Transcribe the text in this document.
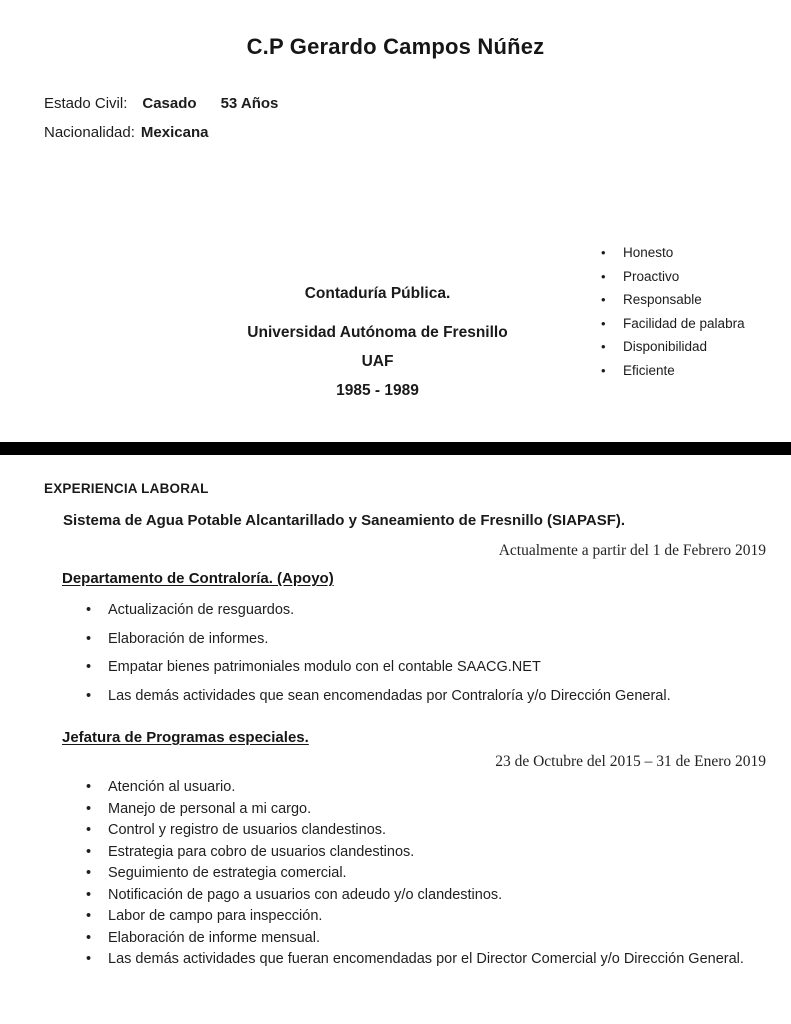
C.P Gerardo Campos Núñez
Estado Civil: Casado 53 Años
Nacionalidad: Mexicana
Contaduría Pública.
Universidad Autónoma de Fresnillo
UAF
1985 - 1989
• Honesto
• Proactivo
• Responsable
• Facilidad de palabra
• Disponibilidad
• Eficiente
EXPERIENCIA LABORAL
Sistema de Agua Potable Alcantarillado y Saneamiento de Fresnillo (SIAPASF).
Actualmente a partir del 1 de Febrero 2019
Departamento de Contraloría. (Apoyo)
• Actualización de resguardos.
• Elaboración de informes.
• Empatar bienes patrimoniales modulo con el contable SAACG.NET
• Las demás actividades que sean encomendadas por Contraloría y/o Dirección General.
Jefatura de Programas especiales.
23 de Octubre del 2015 – 31 de Enero 2019
• Atención al usuario.
• Manejo de personal a mi cargo.
• Control y registro de usuarios clandestinos.
• Estrategia para cobro de usuarios clandestinos.
• Seguimiento de estrategia comercial.
• Notificación de pago a usuarios con adeudo y/o clandestinos.
• Labor de campo para inspección.
• Elaboración de informe mensual.
• Las demás actividades que fueran encomendadas por el Director Comercial y/o Dirección General.
